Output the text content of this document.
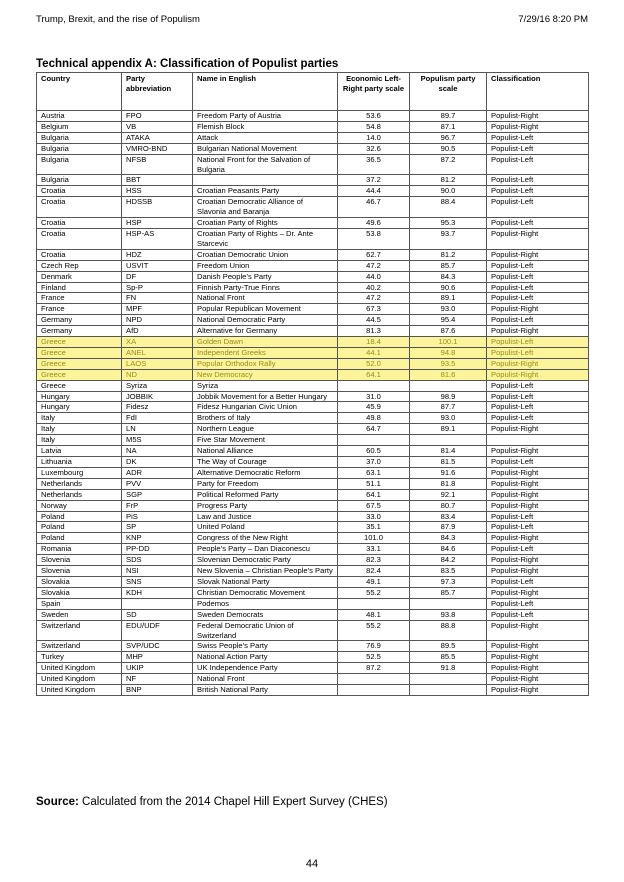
Trump, Brexit, and the rise of Populism	7/29/16 8:20 PM
Technical appendix A: Classification of Populist parties
Country	Party abbreviation	Name in English	Economic Left- Right party scale	Populism party scale	Classification
Austria	FPO	Freedom Party of Austria	53.6	89.7	Populist-Right
Belgium	VB	Flemish Block	54.8	87.1	Populist-Right
Bulgaria	ATAKA	Attack	14.0	96.7	Populist-Left
Bulgaria	VMRO-BND	Bulgarian National Movement	32.6	90.5	Populist-Left
Bulgaria	NFSB	National Front for the Salvation of Bulgaria	36.5	87.2	Populist-Left
Bulgaria	BBT		37.2	81.2	Populist-Left
Croatia	HSS	Croatian Peasants Party	44.4	90.0	Populist-Left
Croatia	HDSSB	Croatian Democratic Alliance of Slavonia and Baranja	46.7	88.4	Populist-Left
Croatia	HSP	Croatian Party of Rights	49.6	95.3	Populist-Left
Croatia	HSP-AS	Croatian Party of Rights – Dr. Ante Starcevic	53.8	93.7	Populist-Right
Croatia	HDZ	Croatian Democratic Union	62.7	81.2	Populist-Right
Czech Rep	USVIT	Freedom Union	47.2	85.7	Populist-Left
Denmark	DF	Danish People’s Party	44.0	84.3	Populist-Left
Finland	Sp-P	Finnish Party-True Finns	40.2	90.6	Populist-Left
France	FN	National Front	47.2	89.1	Populist-Left
France	MPF	Popular Republican Movement	67.3	93.0	Populist-Right
Germany	NPD	National Democratic Party	44.5	95.4	Populist-Left
Germany	AfD	Alternative for Germany	81.3	87.6	Populist-Right
Greece	XA	Golden Dawn	18.4	100.1	Populist-Left
Greece	ANEL	Independent Greeks	44.1	94.8	Populist-Left
Greece	LAOS	Popular Orthodox Rally	52.0	93.5	Populist-Right
Greece	ND	New Democracy	64.1	81.6	Populist-Right
Greece	Syriza	Syriza			Populist-Left
Hungary	JOBBIK	Jobbik Movement for a Better Hungary	31.0	98.9	Populist-Left
Hungary	Fidesz	Fidesz Hungarian Civic Union	45.9	87.7	Populist-Left
Italy	FdI	Brothers of Italy	49.8	93.0	Populist-Left
Italy	LN	Northern League	64.7	89.1	Populist-Right
Italy	M5S	Five Star Movement			
Latvia	NA	National Alliance	60.5	81.4	Populist-Right
Lithuania	DK	The Way of Courage	37.0	81.5	Populist-Left
Luxembourg	ADR	Alternative Democratic Reform	63.1	91.6	Populist-Right
Netherlands	PVV	Party for Freedom	51.1	81.8	Populist-Right
Netherlands	SGP	Political Reformed Party	64.1	92.1	Populist-Right
Norway	FrP	Progress Party	67.5	80.7	Populist-Right
Poland	PiS	Law and Justice	33.0	83.4	Populist-Left
Poland	SP	United Poland	35.1	87.9	Populist-Left
Poland	KNP	Congress of the New Right	101.0	84.3	Populist-Right
Romania	PP-DD	People’s Party – Dan Diaconescu	33.1	84.6	Populist-Left
Slovenia	SDS	Slovenian Democratic Party	82.3	84.2	Populist-Right
Slovenia	NSI	New Slovenia – Christian People’s Party	82.4	83.5	Populist-Right
Slovakia	SNS	Slovak National Party	49.1	97.3	Populist-Left
Slovakia	KDH	Christian Democratic Movement	55.2	85.7	Populist-Right
Spain		Podemos			Populist-Left
Sweden	SD	Sweden Democrats	48.1	93.8	Populist-Left
Switzerland	EDU/UDF	Federal Democratic Union of Switzerland	55.2	88.8	Populist-Right
Switzerland	SVP/UDC	Swiss People’s Party	76.9	89.5	Populist-Right
Turkey	MHP	National Action Party	52.5	85.5	Populist-Right
United Kingdom	UKIP	UK Independence Party	87.2	91.8	Populist-Right
United Kingdom	NF	National Front			Populist-Right
United Kingdom	BNP	British National Party			Populist-Right
Source: Calculated from the 2014 Chapel Hill Expert Survey (CHES)
44
